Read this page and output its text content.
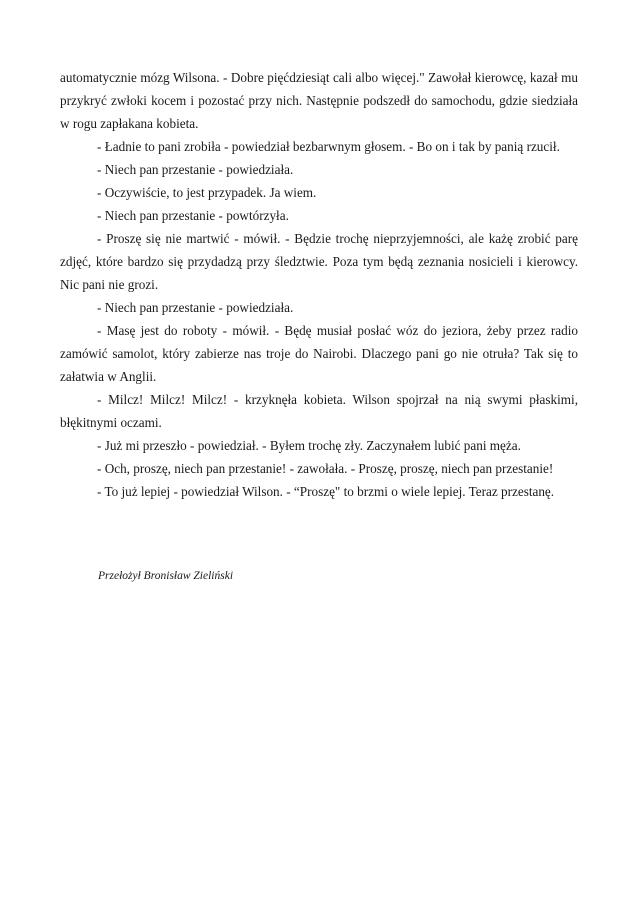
automatycznie mózg Wilsona. - Dobre pięćdziesiąt cali albo więcej." Zawołał kierowcę, kazał mu przykryć zwłoki kocem i pozostać przy nich. Następnie podszedł do samochodu, gdzie siedziała w rogu zapłakana kobieta.

- Ładnie to pani zrobiła - powiedział bezbarwnym głosem. - Bo on i tak by panią rzucił.

- Niech pan przestanie - powiedziała.

- Oczywiście, to jest przypadek. Ja wiem.

- Niech pan przestanie - powtórzyła.

- Proszę się nie martwić - mówił. - Będzie trochę nieprzyjemności, ale każę zrobić parę zdjęć, które bardzo się przydadzą przy śledztwie. Poza tym będą zeznania nosicieli i kierowcy. Nic pani nie grozi.

- Niech pan przestanie - powiedziała.

- Masę jest do roboty - mówił. - Będę musiał posłać wóz do jeziora, żeby przez radio zamówić samolot, który zabierze nas troje do Nairobi. Dlaczego pani go nie otruła? Tak się to załatwia w Anglii.

- Milcz! Milcz! Milcz! - krzyknęła kobieta. Wilson spojrzał na nią swymi płaskimi, błękitnymi oczami.

- Już mi przeszło - powiedział. - Byłem trochę zły. Zaczynałem lubić pani męża.

- Och, proszę, niech pan przestanie! - zawołała. - Proszę, proszę, niech pan przestanie!

- To już lepiej - powiedział Wilson. - “Proszę" to brzmi o wiele lepiej. Teraz przestanę.

Przełożył Bronisław Zieliński
